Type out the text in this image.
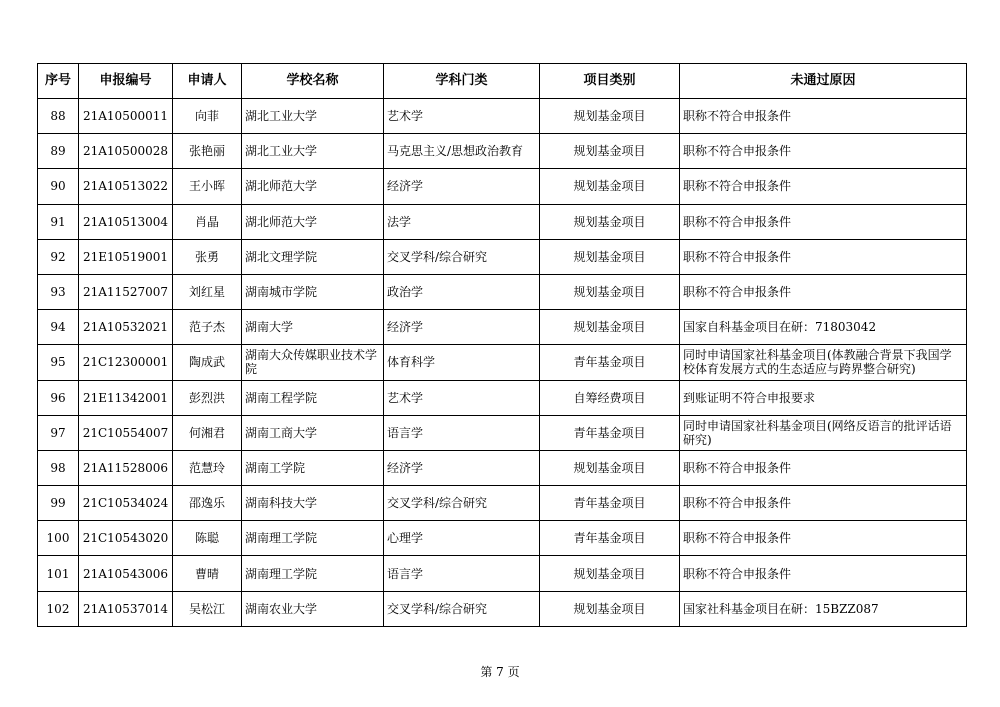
序号	申报编号	申请人	学校名称	学科门类	项目类别	未通过原因
88	21A10500011	向菲	湖北工业大学	艺术学	规划基金项目	职称不符合申报条件
89	21A10500028	张艳丽	湖北工业大学	马克思主义/思想政治教育	规划基金项目	职称不符合申报条件
90	21A10513022	王小晖	湖北师范大学	经济学	规划基金项目	职称不符合申报条件
91	21A10513004	肖晶	湖北师范大学	法学	规划基金项目	职称不符合申报条件
92	21E10519001	张勇	湖北文理学院	交叉学科/综合研究	规划基金项目	职称不符合申报条件
93	21A11527007	刘红星	湖南城市学院	政治学	规划基金项目	职称不符合申报条件
94	21A10532021	范子杰	湖南大学	经济学	规划基金项目	国家自科基金项目在研：71803042
95	21C12300001	陶成武	湖南大众传媒职业技术学院	体育科学	青年基金项目	同时申请国家社科基金项目(体教融合背景下我国学校体育发展方式的生态适应与跨界整合研究)
96	21E11342001	彭烈洪	湖南工程学院	艺术学	自筹经费项目	到账证明不符合申报要求
97	21C10554007	何湘君	湖南工商大学	语言学	青年基金项目	同时申请国家社科基金项目(网络反语言的批评话语研究)
98	21A11528006	范慧玲	湖南工学院	经济学	规划基金项目	职称不符合申报条件
99	21C10534024	邵逸乐	湖南科技大学	交叉学科/综合研究	青年基金项目	职称不符合申报条件
100	21C10543020	陈聪	湖南理工学院	心理学	青年基金项目	职称不符合申报条件
101	21A10543006	曹晴	湖南理工学院	语言学	规划基金项目	职称不符合申报条件
102	21A10537014	吴松江	湖南农业大学	交叉学科/综合研究	规划基金项目	国家社科基金项目在研：15BZZ087
第 7 页
